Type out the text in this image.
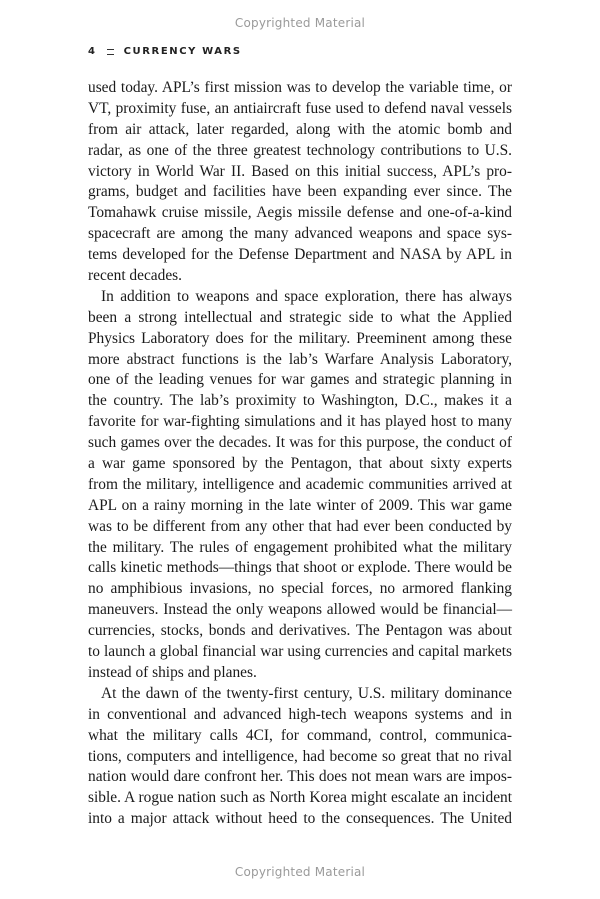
Copyrighted Material
4	CURRENCY WARS

used today. APL’s first mission was to develop the variable time, or
VT, proximity fuse, an antiaircraft fuse used to defend naval vessels
from air attack, later regarded, along with the atomic bomb and
radar, as one of the three greatest technology contributions to U.S.
victory in World War II. Based on this initial success, APL’s pro-
grams, budget and facilities have been expanding ever since. The
Tomahawk cruise missile, Aegis missile defense and one-of-a-kind
spacecraft are among the many advanced weapons and space sys-
tems developed for the Defense Department and NASA by APL in
recent decades.

In addition to weapons and space exploration, there has always
been a strong intellectual and strategic side to what the Applied
Physics Laboratory does for the military. Preeminent among these
more abstract functions is the lab’s Warfare Analysis Laboratory,
one of the leading venues for war games and strategic planning in
the country. The lab’s proximity to Washington, D.C., makes it a
favorite for war-fighting simulations and it has played host to many
such games over the decades. It was for this purpose, the conduct of
a war game sponsored by the Pentagon, that about sixty experts
from the military, intelligence and academic communities arrived at
APL on a rainy morning in the late winter of 2009. This war game
was to be different from any other that had ever been conducted by
the military. The rules of engagement prohibited what the military
calls kinetic methods—things that shoot or explode. There would be
no amphibious invasions, no special forces, no armored flanking
maneuvers. Instead the only weapons allowed would be financial—
currencies, stocks, bonds and derivatives. The Pentagon was about
to launch a global financial war using currencies and capital markets
instead of ships and planes.

At the dawn of the twenty-first century, U.S. military dominance
in conventional and advanced high-tech weapons systems and in
what the military calls 4CI, for command, control, communica-
tions, computers and intelligence, had become so great that no rival
nation would dare confront her. This does not mean wars are impos-
sible. A rogue nation such as North Korea might escalate an incident
into a major attack without heed to the consequences. The United

Copyrighted Material
